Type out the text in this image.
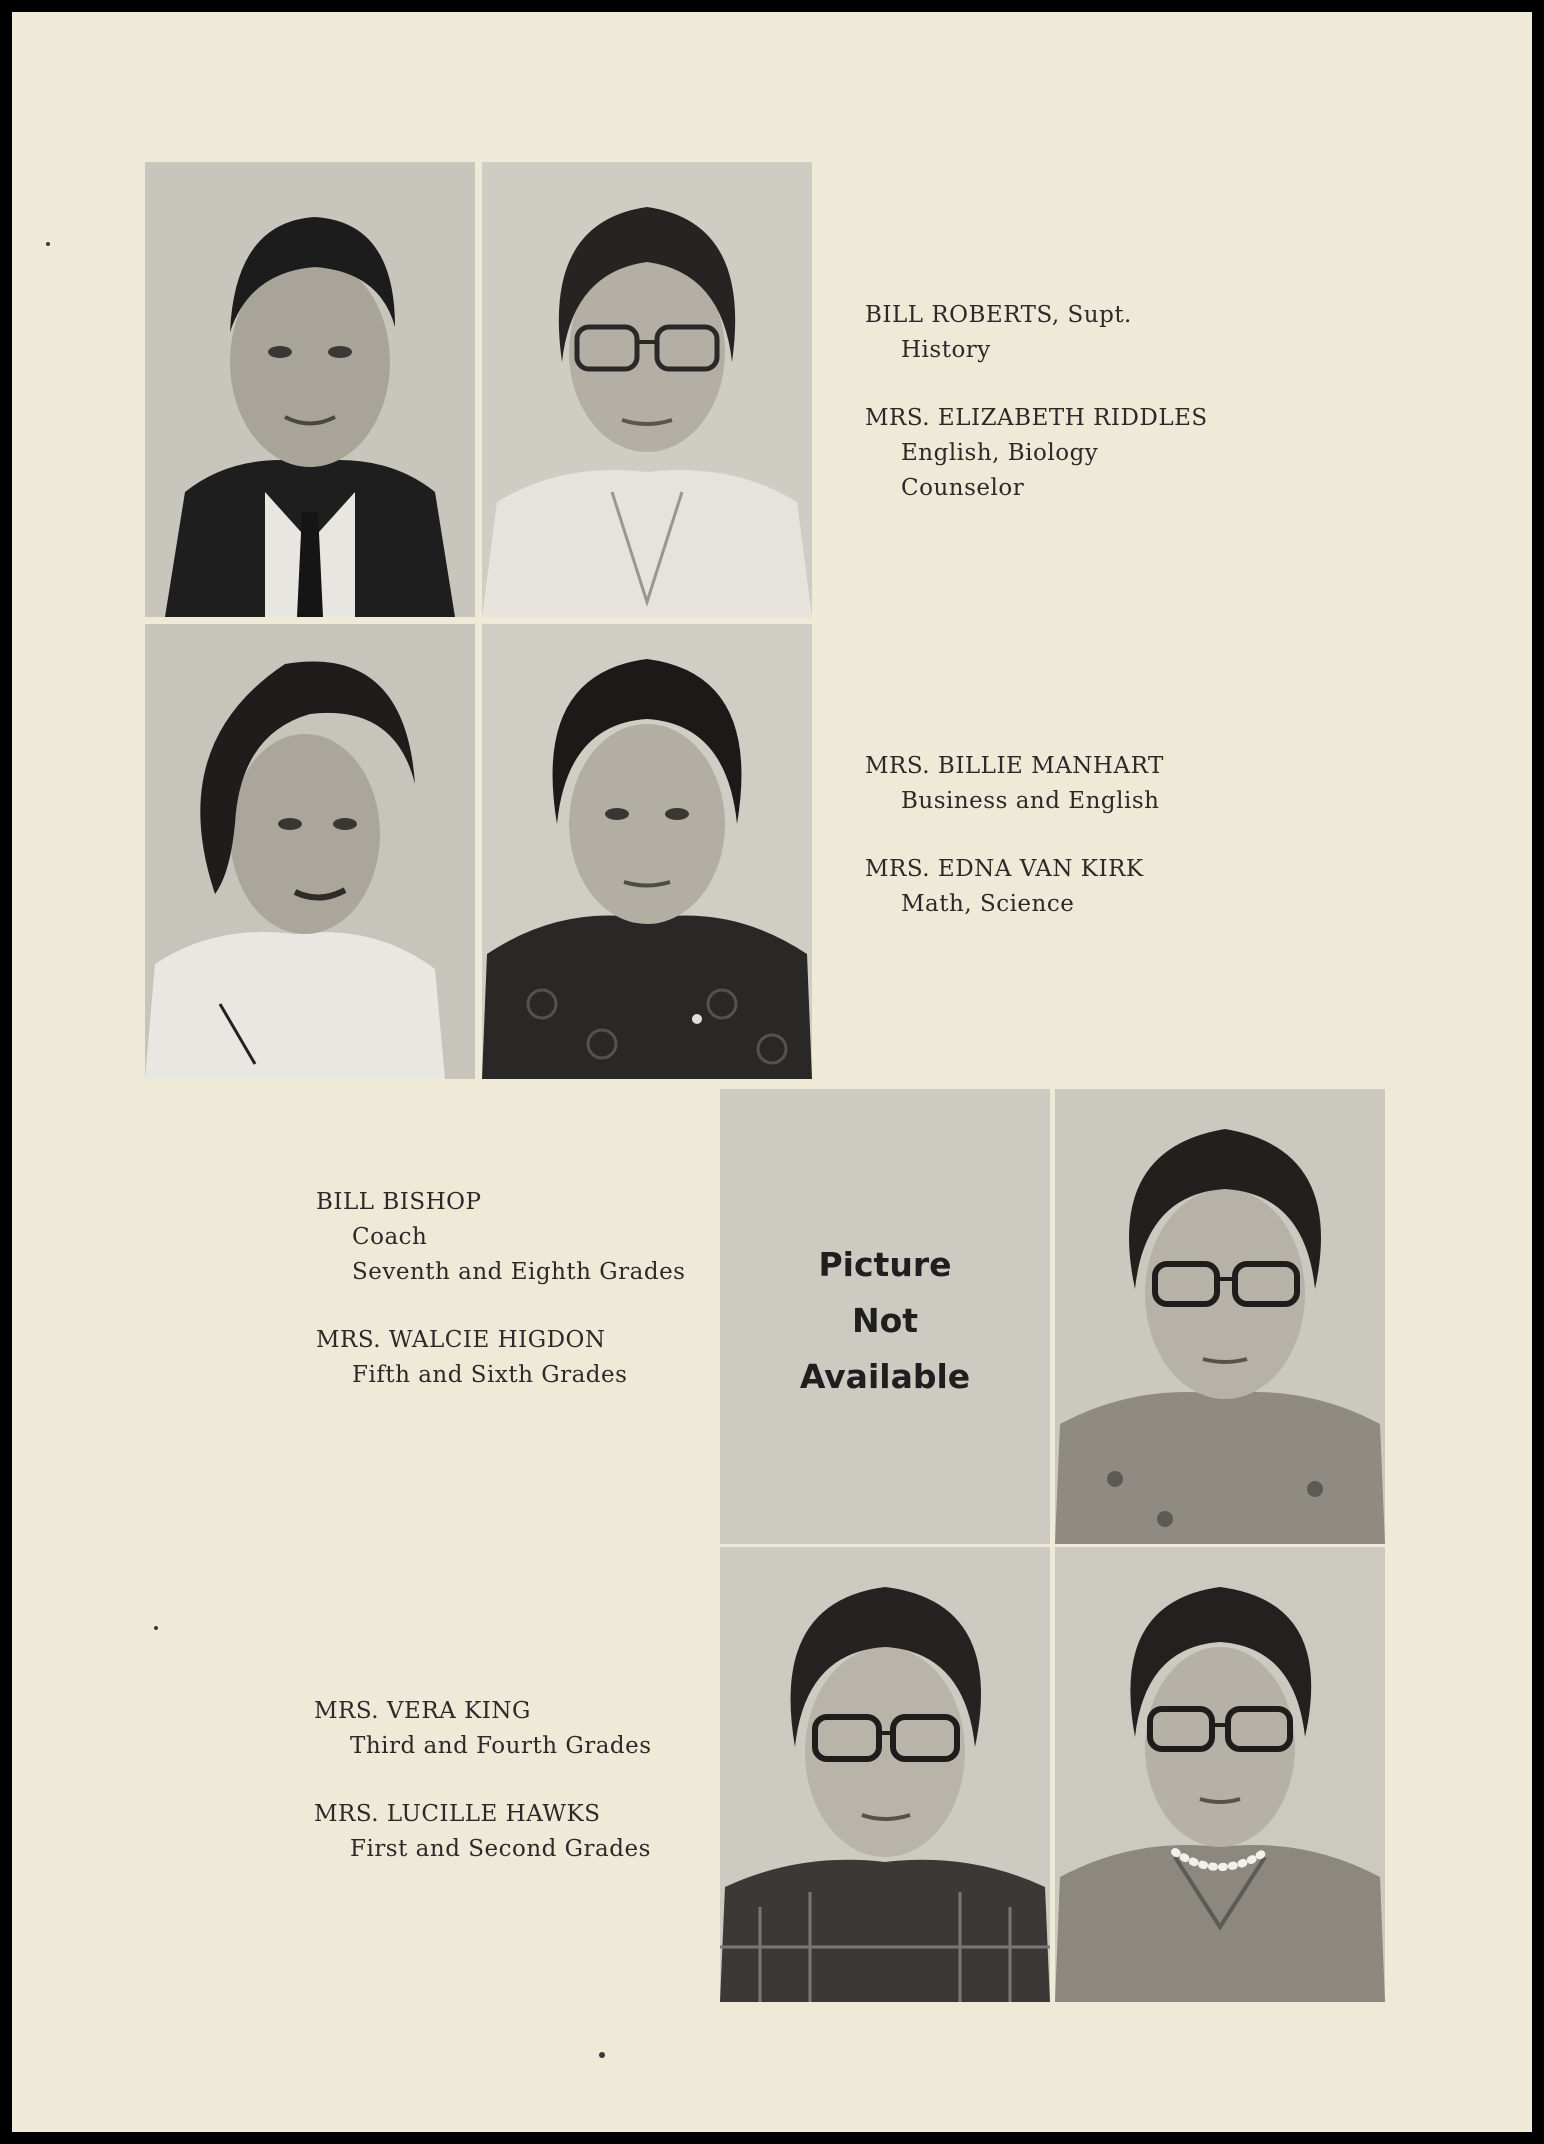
BILL ROBERTS, Supt.
History
MRS. ELIZABETH RIDDLES
English, Biology
Counselor
MRS. BILLIE MANHART
Business and English
MRS. EDNA VAN KIRK
Math, Science
Picture
Not
Available
BILL BISHOP
Coach
Seventh and Eighth Grades
MRS. WALCIE HIGDON
Fifth and Sixth Grades
MRS. VERA KING
Third and Fourth Grades
MRS. LUCILLE HAWKS
First and Second Grades
